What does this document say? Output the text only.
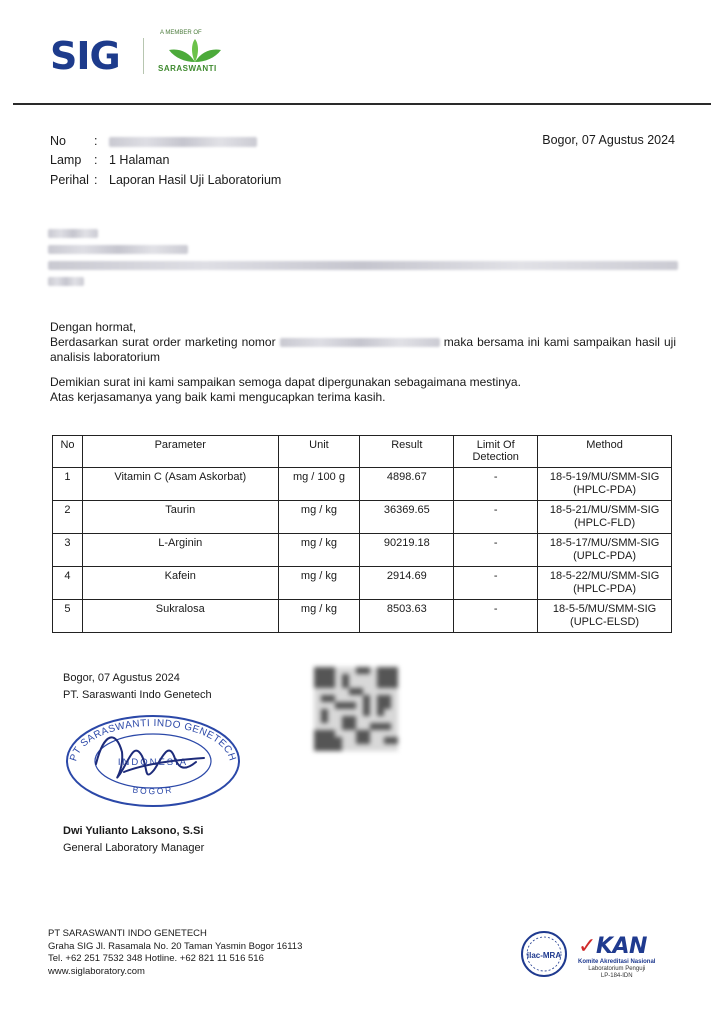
SIG
A MEMBER OF
SARASWANTI
No :
Lamp : 1 Halaman
Perihal : Laporan Hasil Uji Laboratorium
Bogor, 07 Agustus 2024
Dengan hormat,
Berdasarkan surat order marketing nomor	maka bersama ini kami sampaikan hasil uji analisis laboratorium
Demikian surat ini kami sampaikan semoga dapat dipergunakan sebagaimana mestinya.
Atas kerjasamanya yang baik kami mengucapkan terima kasih.
No	Parameter	Unit	Result	Limit Of Detection	Method
1	Vitamin C (Asam Askorbat)	mg / 100 g	4898.67	-	18-5-19/MU/SMM-SIG
(HPLC-PDA)

2	Taurin	mg / kg	36369.65	-	18-5-21/MU/SMM-SIG
(HPLC-FLD)

3	L-Arginin	mg / kg	90219.18	-	18-5-17/MU/SMM-SIG
(UPLC-PDA)

4	Kafein	mg / kg	2914.69	-	18-5-22/MU/SMM-SIG
(HPLC-PDA)

5	Sukralosa	mg / kg	8503.63	-	18-5-5/MU/SMM-SIG
(UPLC-ELSD)
Bogor, 07 Agustus 2024
PT. Saraswanti Indo Genetech
PT SARASWANTI INDO GENETECH
INDONESIA
BOGOR
Dwi Yulianto Laksono, S.Si
General Laboratory Manager
PT SARASWANTI INDO GENETECH
Graha SIG Jl. Rasamala No. 20 Taman Yasmin Bogor 16113
Tel. +62 251 7532 348 Hotline. +62 821 11 516 516
www.siglaboratory.com
ilac-MRA ✓KAN
Komite Akreditasi Nasional
Laboratorium Penguji
LP-184-IDN
